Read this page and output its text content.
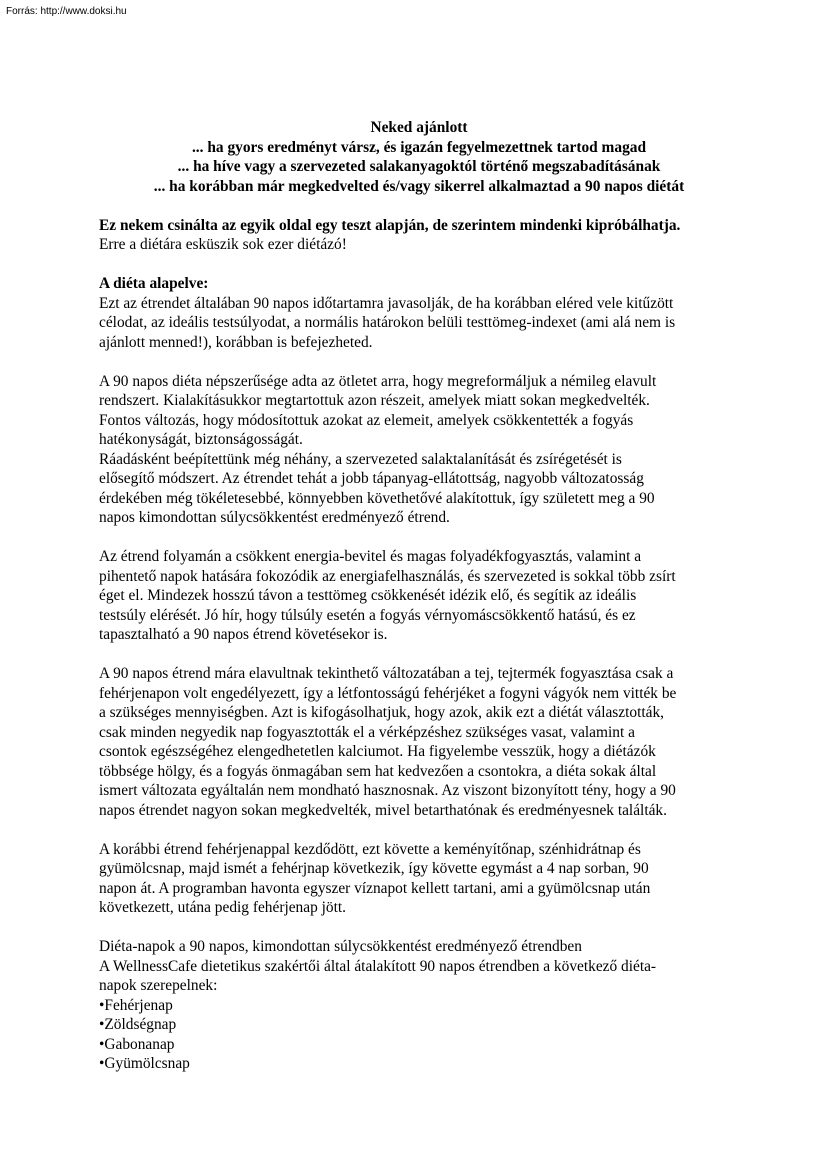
Forrás: http://www.doksi.hu
Neked ajánlott
... ha gyors eredményt vársz, és igazán fegyelmezettnek tartod magad
... ha híve vagy a szervezeted salakanyagoktól történő megszabadításának
... ha korábban már megkedvelted és/vagy sikerrel alkalmaztad a 90 napos diétát

Ez nekem csinálta az egyik oldal egy teszt alapján, de szerintem mindenki kipróbálhatja.
Erre a diétára esküszik sok ezer diétázó!

A diéta alapelve:
Ezt az étrendet általában 90 napos időtartamra javasolják, de ha korábban eléred vele kitűzött
célodat, az ideális testsúlyodat, a normális határokon belüli testtömeg-indexet (ami alá nem is
ajánlott menned!), korábban is befejezheted.

A 90 napos diéta népszerűsége adta az ötletet arra, hogy megreformáljuk a némileg elavult
rendszert. Kialakításukkor megtartottuk azon részeit, amelyek miatt sokan megkedvelték.
Fontos változás, hogy módosítottuk azokat az elemeit, amelyek csökkentették a fogyás
hatékonyságát, biztonságosságát.
Ráadásként beépítettünk még néhány, a szervezeted salaktalanítását és zsírégetését is
elősegítő módszert. Az étrendet tehát a jobb tápanyag-ellátottság, nagyobb változatosság
érdekében még tökéletesebbé, könnyebben követhetővé alakítottuk, így született meg a 90
napos kimondottan súlycsökkentést eredményező étrend.

Az étrend folyamán a csökkent energia-bevitel és magas folyadékfogyasztás, valamint a
pihentető napok hatására fokozódik az energiafelhasználás, és szervezeted is sokkal több zsírt
éget el. Mindezek hosszú távon a testtömeg csökkenését idézik elő, és segítik az ideális
testsúly elérését. Jó hír, hogy túlsúly esetén a fogyás vérnyomáscsökkentő hatású, és ez
tapasztalható a 90 napos étrend követésekor is.

A 90 napos étrend mára elavultnak tekinthető változatában a tej, tejtermék fogyasztása csak a
fehérjenapon volt engedélyezett, így a létfontosságú fehérjéket a fogyni vágyók nem vitték be
a szükséges mennyiségben. Azt is kifogásolhatjuk, hogy azok, akik ezt a diétát választották,
csak minden negyedik nap fogyasztották el a vérképzéshez szükséges vasat, valamint a
csontok egészségéhez elengedhetetlen kalciumot. Ha figyelembe vesszük, hogy a diétázók
többsége hölgy, és a fogyás önmagában sem hat kedvezően a csontokra, a diéta sokak által
ismert változata egyáltalán nem mondható hasznosnak. Az viszont bizonyított tény, hogy a 90
napos étrendet nagyon sokan megkedvelték, mivel betarthatónak és eredményesnek találták.

A korábbi étrend fehérjenappal kezdődött, ezt követte a keményítőnap, szénhidrátnap és
gyümölcsnap, majd ismét a fehérjnap következik, így követte egymást a 4 nap sorban, 90
napon át. A programban havonta egyszer víznapot kellett tartani, ami a gyümölcsnap után
következett, utána pedig fehérjenap jött.

Diéta-napok a 90 napos, kimondottan súlycsökkentést eredményező étrendben
A WellnessCafe dietetikus szakértői által átalakított 90 napos étrendben a következő diéta-
napok szerepelnek:

•Fehérjenap
•Zöldségnap
•Gabonanap
•Gyümölcsnap
